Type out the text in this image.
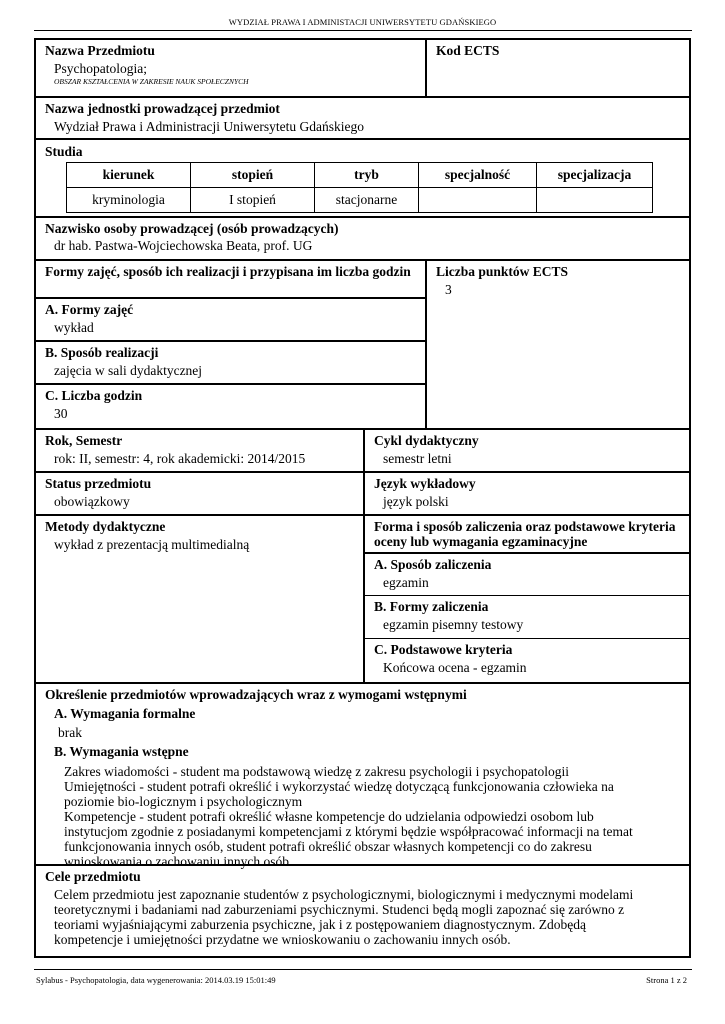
WYDZIAŁ PRAWA I ADMINISTACJI UNIWERSYTETU GDAŃSKIEGO
Nazwa Przedmiotu
Psychopatologia;
OBSZAR KSZTAŁCENIA W ZAKRESIE NAUK SPOŁECZNYCH
Kod ECTS
Nazwa jednostki prowadzącej przedmiot
Wydział Prawa i Administracji Uniwersytetu Gdańskiego
Studia
kierunek	stopień	tryb	specjalność	specjalizacja
kryminologia	I stopień	stacjonarne		
Nazwisko osoby prowadzącej (osób prowadzących)
dr hab. Pastwa-Wojciechowska Beata, prof. UG
Formy zajęć, sposób ich realizacji i przypisana im liczba godzin
A. Formy zajęć
wykład
B. Sposób realizacji
zajęcia w sali dydaktycznej
C. Liczba godzin
30
Liczba punktów ECTS
3
Rok, Semestr
rok: II, semestr: 4, rok akademicki: 2014/2015
Cykl dydaktyczny
semestr letni
Status przedmiotu
obowiązkowy
Język wykładowy
język polski
Metody dydaktyczne
wykład z prezentacją multimedialną
Forma i sposób zaliczenia oraz podstawowe kryteria oceny lub wymagania egzaminacyjne
A. Sposób zaliczenia
egzamin
B. Formy zaliczenia
egzamin pisemny testowy
C. Podstawowe kryteria
Końcowa ocena - egzamin
Określenie przedmiotów wprowadzających wraz z wymogami wstępnymi
A. Wymagania formalne
brak
B. Wymagania wstępne
Zakres wiadomości - student ma podstawową wiedzę z zakresu psychologii i psychopatologii
Umiejętności - student potrafi określić i wykorzystać wiedzę dotyczącą funkcjonowania człowieka na
poziomie bio-logicznym i psychologicznym
Kompetencje - student potrafi określić własne kompetencje do udzielania odpowiedzi osobom lub
instytucjom zgodnie z posiadanymi kompetencjami z którymi będzie współpracować informacji na temat
funkcjonowania innych osób, student potrafi określić obszar własnych kompetencji co do zakresu
wnioskowania o zachowaniu innych osób
Cele przedmiotu
Celem przedmiotu jest zapoznanie studentów z psychologicznymi, biologicznymi i medycznymi modelami
teoretycznymi i badaniami nad zaburzeniami psychicznymi. Studenci będą mogli zapoznać się zarówno z
teoriami wyjaśniającymi zaburzenia psychiczne, jak i z postępowaniem diagnostycznym. Zdobędą
kompetencje i umiejętności przydatne we wnioskowaniu o zachowaniu innych osób.
Sylabus - Psychopatologia, data wygenerowania: 2014.03.19 15:01:49	Strona 1 z 2
